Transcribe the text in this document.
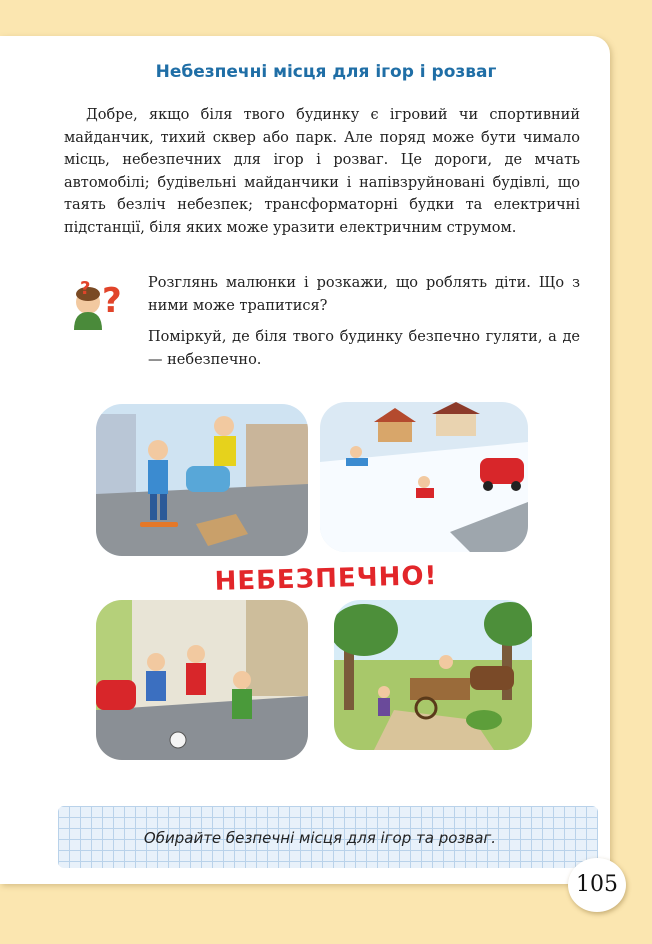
Небезпечні місця для ігор і розваг

Добре, якщо біля твого будинку є ігровий чи спортивний майданчик, тихий сквер або парк. Але поряд може бути чимало місць, небезпечних для ігор і розваг. Це дороги, де мчать автомобілі; будівельні майданчики і напівзруйновані будівлі, що таять безліч небезпек; трансформаторні будки та електричні підстанції, біля яких може уразити електричним струмом.

?
?	Розглянь малюнки і розкажи, що роблять діти. Що з ними може трапитися?

Поміркуй, де біля твого будинку безпечно гуляти, а де — небезпечно.

НЕБЕЗПЕЧНО!
Обирайте безпечні місця для ігор та розваг.
105
